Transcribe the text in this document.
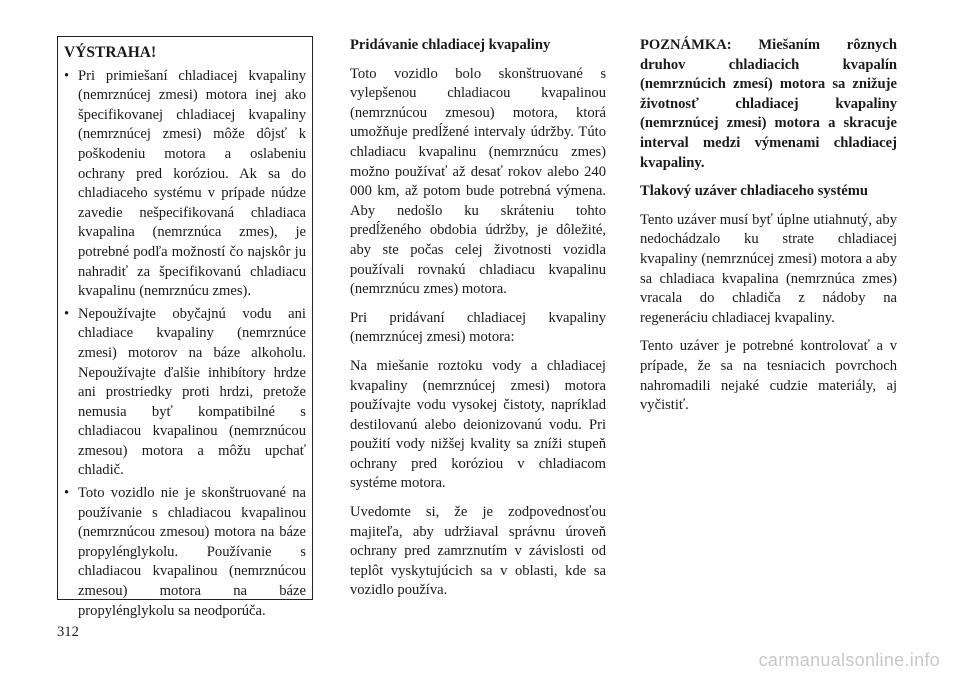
VÝSTRAHA!
• Pri primiešaní chladiacej kvapaliny (nemrznúcej zmesi) motora inej ako špecifikovanej chladiacej kvapaliny (nemrznúcej zmesi) môže dôjsť k poškodeniu motora a oslabeniu ochrany pred koróziou. Ak sa do chladiaceho systému v prípade núdze zavedie nešpecifikovaná chladiaca kvapalina (nemrznúca zmes), je potrebné podľa možností čo najskôr ju nahradiť za špecifikovanú chladiacu kvapalinu (nemrznúcu zmes).
• Nepoužívajte obyčajnú vodu ani chladiace kvapaliny (nemrznúce zmesi) motorov na báze alkoholu. Nepoužívajte ďalšie inhibítory hrdze ani prostriedky proti hrdzi, pretože nemusia byť kompatibilné s chladiacou kvapalinou (nemrznúcou zmesou) motora a môžu upchať chladič.
• Toto vozidlo nie je skonštruované na používanie s chladiacou kvapalinou (nemrznúcou zmesou) motora na báze propylénglykolu. Používanie s chladiacou kvapalinou (nemrznúcou zmesou) motora na báze propylénglykolu sa neodporúča.

Pridávanie chladiacej kvapaliny

Toto vozidlo bolo skonštruované s vylepšenou chladiacou kvapalinou (nemrznúcou zmesou) motora, ktorá umožňuje predĺžené intervaly údržby. Túto chladiacu kvapalinu (nemrznúcu zmes) možno používať až desať rokov alebo 240 000 km, až potom bude potrebná výmena. Aby nedošlo ku skráteniu tohto predĺženého obdobia údržby, je dôležité, aby ste počas celej životnosti vozidla používali rovnakú chladiacu kvapalinu (nemrznúcu zmes) motora.

Pri pridávaní chladiacej kvapaliny (nemrznúcej zmesi) motora:

Na miešanie roztoku vody a chladiacej kvapaliny (nemrznúcej zmesi) motora používajte vodu vysokej čistoty, napríklad destilovanú alebo deionizovanú vodu. Pri použití vody nižšej kvality sa zníži stupeň ochrany pred koróziou v chladiacom systéme motora.

Uvedomte si, že je zodpovednosťou majiteľa, aby udržiaval správnu úroveň ochrany pred zamrznutím v závislosti od teplôt vyskytujúcich sa v oblasti, kde sa vozidlo používa.

POZNÁMKA: Miešaním rôznych druhov chladiacich kvapalín (nemrznúcich zmesí) motora sa znižuje životnosť chladiacej kvapaliny (nemrznúcej zmesi) motora a skracuje interval medzi výmenami chladiacej kvapaliny.

Tlakový uzáver chladiaceho systému

Tento uzáver musí byť úplne utiahnutý, aby nedochádzalo ku strate chladiacej kvapaliny (nemrznúcej zmesi) motora a aby sa chladiaca kvapalina (nemrznúca zmes) vracala do chladiča z nádoby na regeneráciu chladiacej kvapaliny.

Tento uzáver je potrebné kontrolovať a v prípade, že sa na tesniacich povrchoch nahromadili nejaké cudzie materiály, aj vyčistiť.

312
carmanualsonline.info
